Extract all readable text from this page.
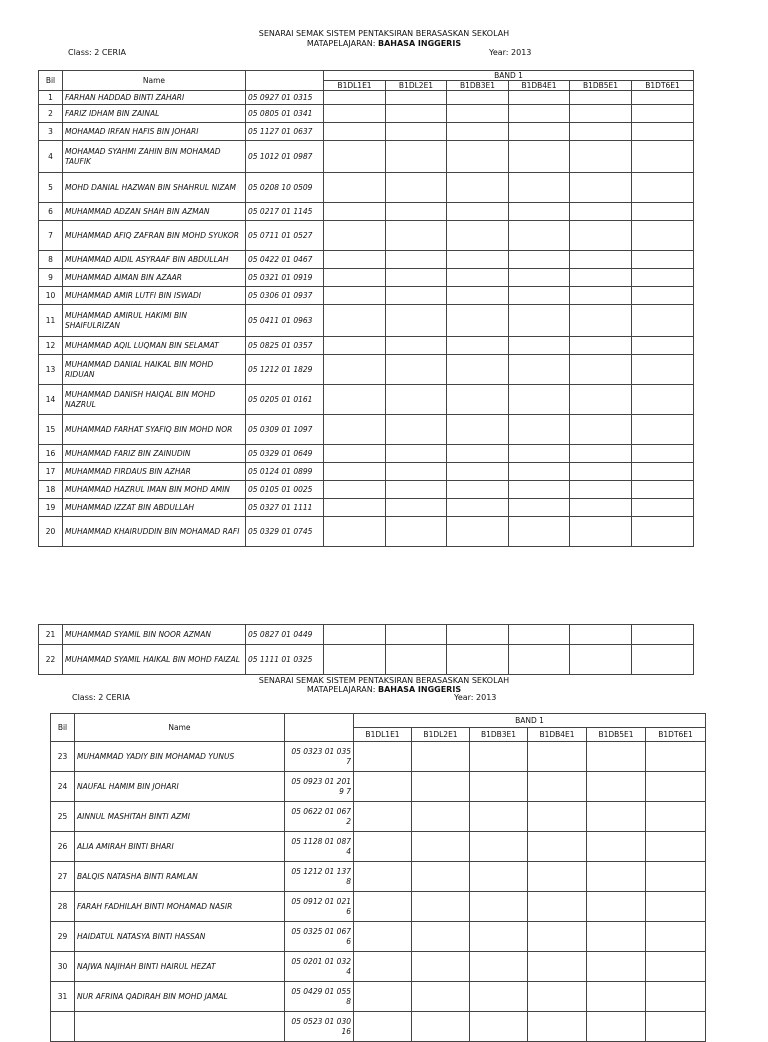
SENARAI SEMAK SISTEM PENTAKSIRAN BERASASKAN SEKOLAH
MATAPELAJARAN: BAHASA INGGERIS
Class: 2 CERIA	Year: 2013
Bil	Name		BAND 1					
			B1DL1E1	B1DL2E1	B1DB3E1	B1DB4E1	B1DB5E1	B1DT6E1
1	FARHAN HADDAD BINTI ZAHARI	05 0927 01 0315						
2	FARIZ IDHAM BIN ZAINAL	05 0805 01 0341						
3	MOHAMAD IRFAN HAFIS BIN JOHARI	05 1127 01 0637						
4	MOHAMAD SYAHMI ZAHIN BIN MOHAMAD TAUFIK	05 1012 01 0987						
5	MOHD DANIAL HAZWAN BIN SHAHRUL NIZAM	05 0208 10 0509						
6	MUHAMMAD ADZAN SHAH BIN AZMAN	05 0217 01 1145						
7	MUHAMMAD AFIQ ZAFRAN BIN MOHD SYUKOR	05 0711 01 0527						
8	MUHAMMAD AIDIL ASYRAAF BIN ABDULLAH	05 0422 01 0467						
9	MUHAMMAD AIMAN BIN AZAAR	05 0321 01 0919						
10	MUHAMMAD AMIR LUTFI BIN ISWADI	05 0306 01 0937						
11	MUHAMMAD AMIRUL HAKIMI BIN SHAIFULRIZAN	05 0411 01 0963						
12	MUHAMMAD AQIL LUQMAN BIN SELAMAT	05 0825 01 0357						
13	MUHAMMAD DANIAL HAIKAL BIN MOHD RIDUAN	05 1212 01 1829						
14	MUHAMMAD DANISH HAIQAL BIN MOHD NAZRUL	05 0205 01 0161						
15	MUHAMMAD FARHAT SYAFIQ BIN MOHD NOR	05 0309 01 1097						
16	MUHAMMAD FARIZ BIN ZAINUDIN	05 0329 01 0649						
17	MUHAMMAD FIRDAUS BIN AZHAR	05 0124 01 0899						
18	MUHAMMAD HAZRUL IMAN BIN MOHD AMIN	05 0105 01 0025						
19	MUHAMMAD IZZAT BIN ABDULLAH	05 0327 01 1111						
20	MUHAMMAD KHAIRUDDIN BIN MOHAMAD RAFI	05 0329 01 0745						
21	MUHAMMAD SYAMIL BIN NOOR AZMAN	05 0827 01 0449						
22	MUHAMMAD SYAMIL HAIKAL BIN MOHD FAIZAL	05 1111 01 0325						
SENARAI SEMAK SISTEM PENTAKSIRAN BERASASKAN SEKOLAH
MATAPELAJARAN: BAHASA INGGERIS
Class: 2 CERIA	Year: 2013
Bil	Name		BAND 1					
			B1DL1E1	B1DL2E1	B1DB3E1	B1DB4E1	B1DB5E1	B1DT6E1
23	MUHAMMAD YADIY BIN MOHAMAD YUNUS	05 0323 01 035 7						
24	NAUFAL HAMIM BIN JOHARI	05 0923 01 201 9 7						
25	AINNUL MASHITAH BINTI AZMI	05 0622 01 067 2						
26	ALIA AMIRAH BINTI BHARI	05 1128 01 087 4						
27	BALQIS NATASHA BINTI RAMLAN	05 1212 01 137 8						
28	FARAH FADHILAH BINTI MOHAMAD NASIR	05 0912 01 021 6						
29	HAIDATUL NATASYA BINTI HASSAN	05 0325 01 067 6						
30	NAJWA NAJIHAH BINTI HAIRUL HEZAT	05 0201 01 032 4						
31	NUR AFRINA QADIRAH BIN MOHD JAMAL	05 0429 01 055 8						
		05 0523 01 030 16						
